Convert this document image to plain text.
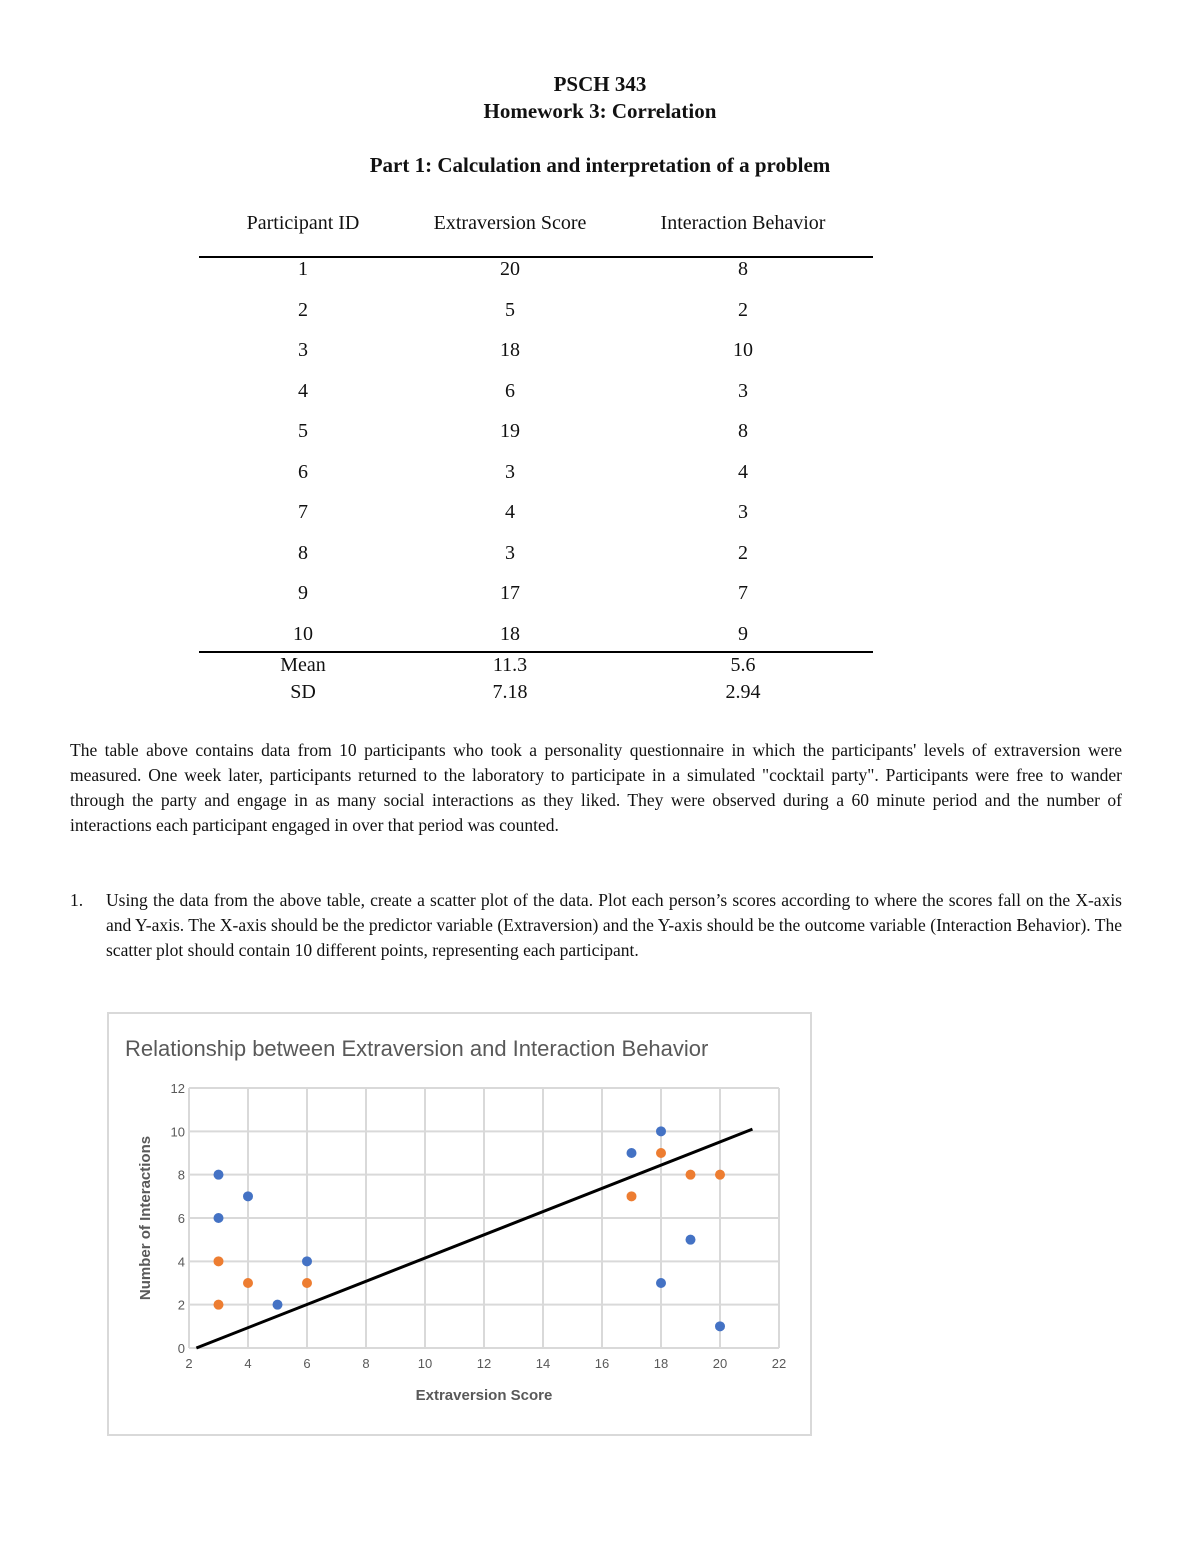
PSCH 343
Homework 3: Correlation
Part 1: Calculation and interpretation of a problem
The table above contains data from 10 participants who took a personality questionnaire in which the participants' levels of extraversion were measured. One week later, participants returned to the laboratory to participate in a simulated "cocktail party". Participants were free to wander through the party and engage in as many social interactions as they liked. They were observed during a 60 minute period and the number of interactions each participant engaged in over that period was counted.
1. Using the data from the above table, create a scatter plot of the data. Plot each person’s scores according to where the scores fall on the X-axis and Y-axis. The X-axis should be the predictor variable (Extraversion) and the Y-axis should be the outcome variable (Interaction Behavior). The scatter plot should contain 10 different points, representing each participant.
Relationship between Extraversion and Interaction Behavior
2	4	6	8	10	12	14	16	18	20	22
0
2
4
6
8
10
12
Extraversion Score
Number of Interactions
Participant ID	Extraversion Score	Interaction Behavior
1	20	8
2	5	2
3	18	10
4	6	3
5	19	8
6	3	4
7	4	3
8	3	2
9	17	7
10	18	9
Mean	11.3	5.6
SD	7.18	2.94
